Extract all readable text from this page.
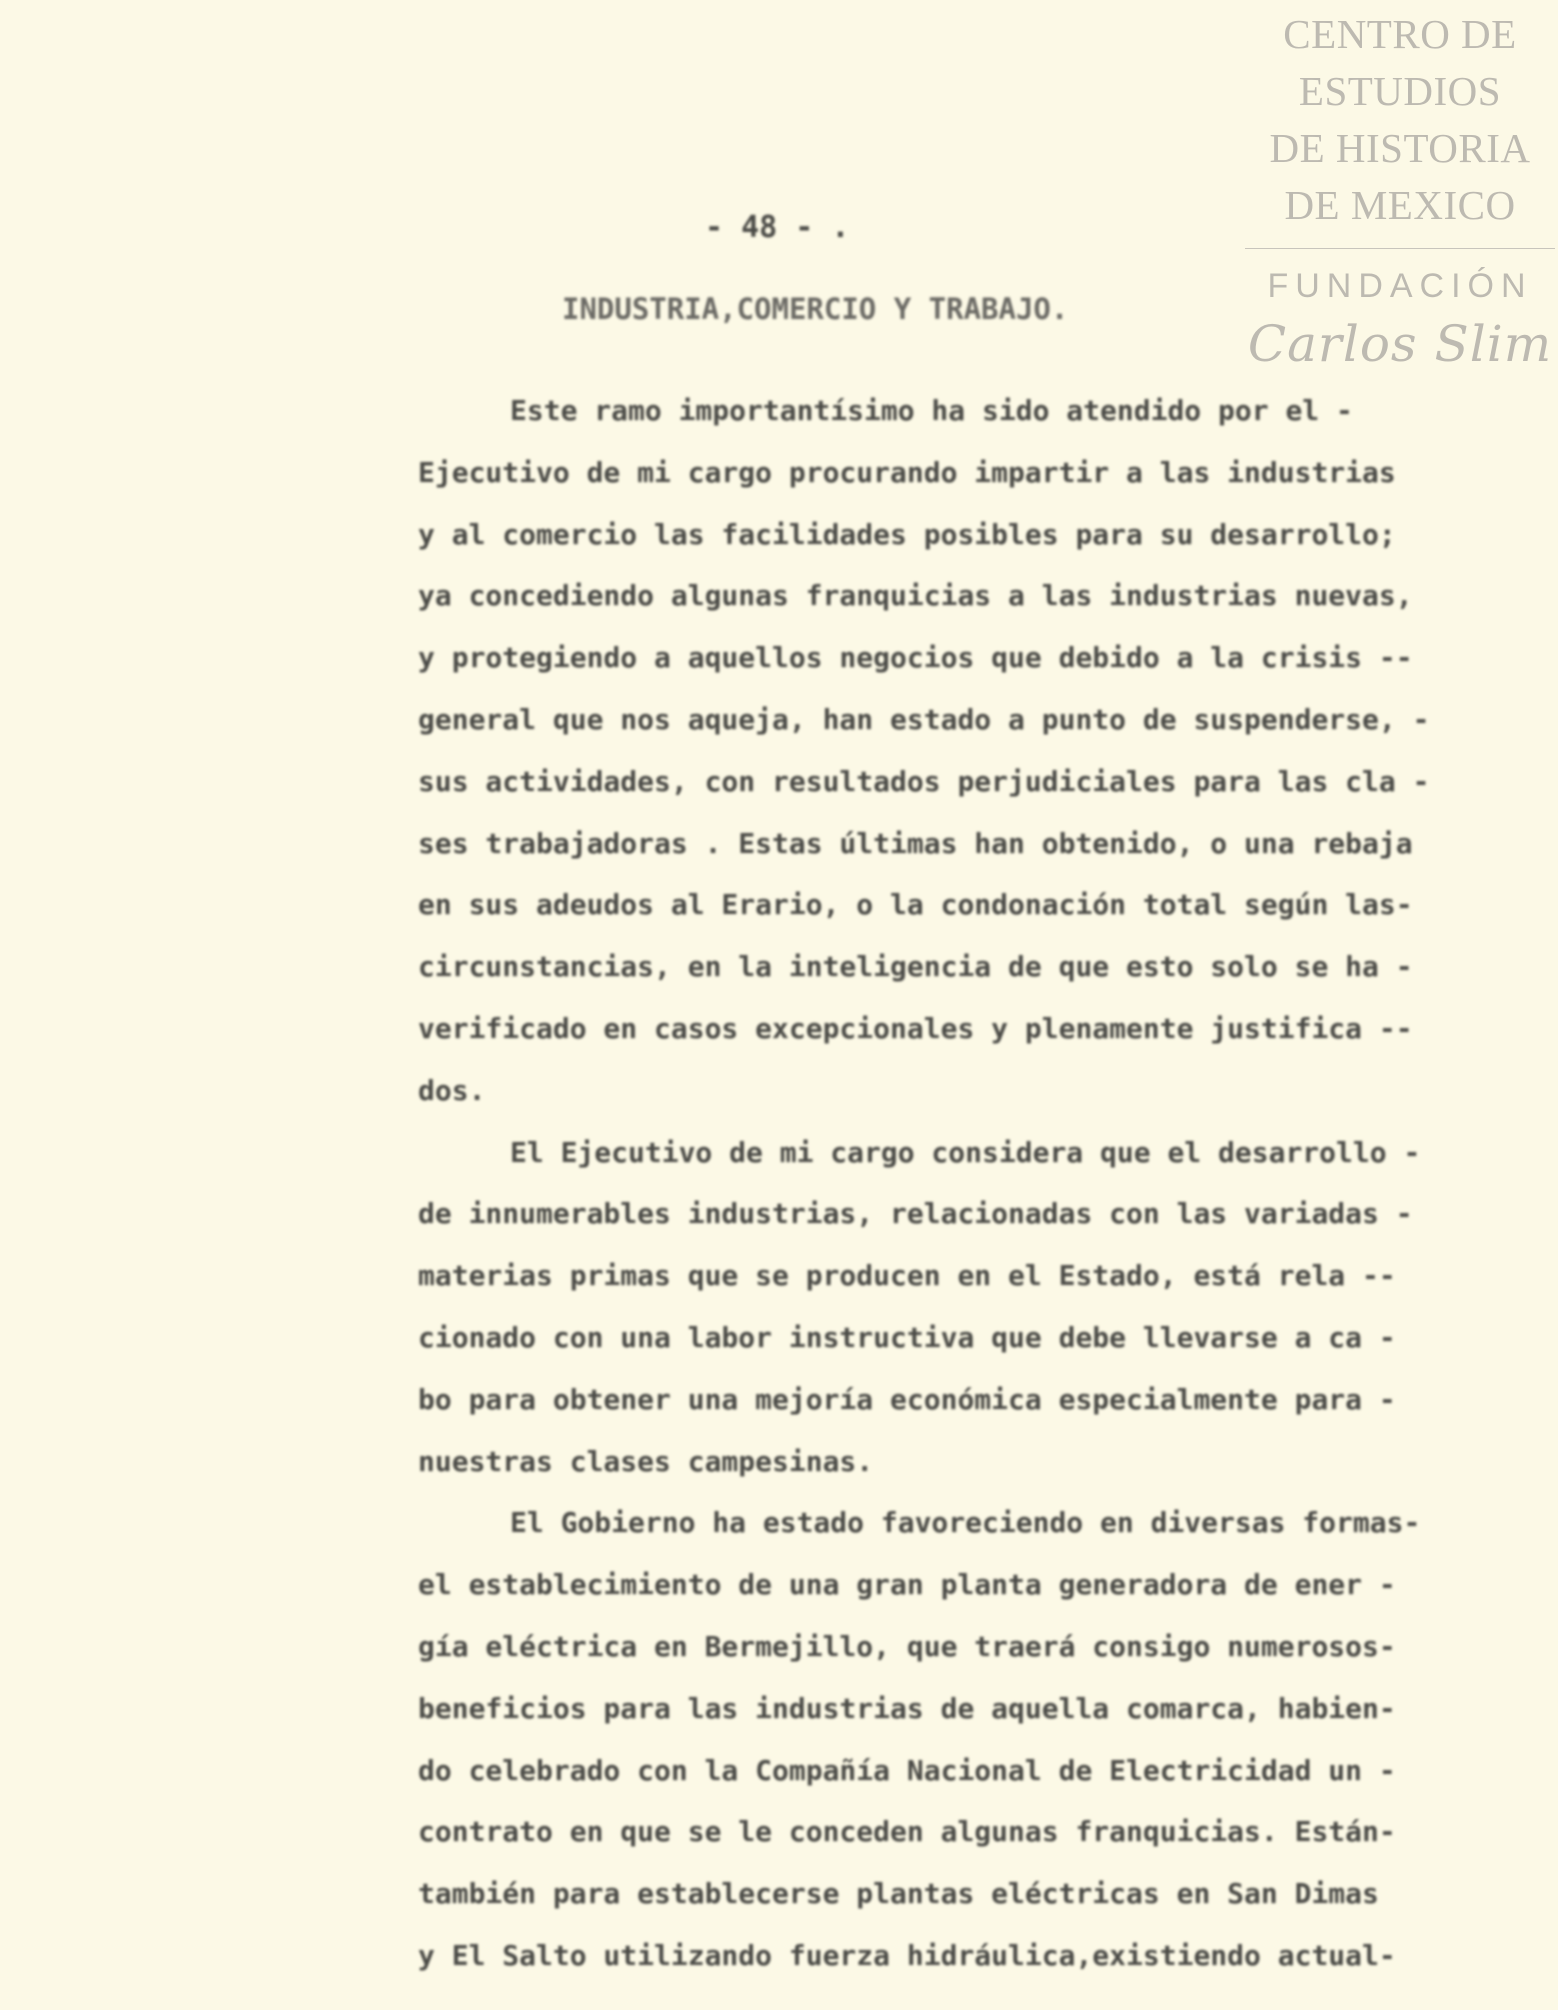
CENTRO DE
ESTUDIOS
DE HISTORIA
DE MEXICO
FUNDACIÓN
Carlos Slim
- 48 - .
INDUSTRIA,COMERCIO Y TRABAJO.
Este ramo importantísimo ha sido atendido por el -
Ejecutivo de mi cargo procurando impartir a las industrias
y al comercio las facilidades posibles para su desarrollo;
ya concediendo algunas franquicias a las industrias nuevas,
y protegiendo a aquellos negocios que debido a la crisis --
general que nos aqueja, han estado a punto de suspenderse, -
sus actividades, con resultados perjudiciales para las cla -
ses trabajadoras . Estas últimas han obtenido, o una rebaja
en sus adeudos al Erario, o la condonación total según las-
circunstancias, en la inteligencia de que esto solo se ha -
verificado en casos excepcionales y plenamente justifica --
dos.
El Ejecutivo de mi cargo considera que el desarrollo -
de innumerables industrias, relacionadas con las variadas -
materias primas que se producen en el Estado, está rela --
cionado con una labor instructiva que debe llevarse a ca -
bo para obtener una mejoría económica especialmente para -
nuestras clases campesinas.
El Gobierno ha estado favoreciendo en diversas formas-
el establecimiento de una gran planta generadora de ener -
gía eléctrica en Bermejillo, que traerá consigo numerosos-
beneficios para las industrias de aquella comarca, habien-
do celebrado con la Compañía Nacional de Electricidad un -
contrato en que se le conceden algunas franquicias. Están-
también para establecerse plantas eléctricas en San Dimas
y El Salto utilizando fuerza hidráulica,existiendo actual-
